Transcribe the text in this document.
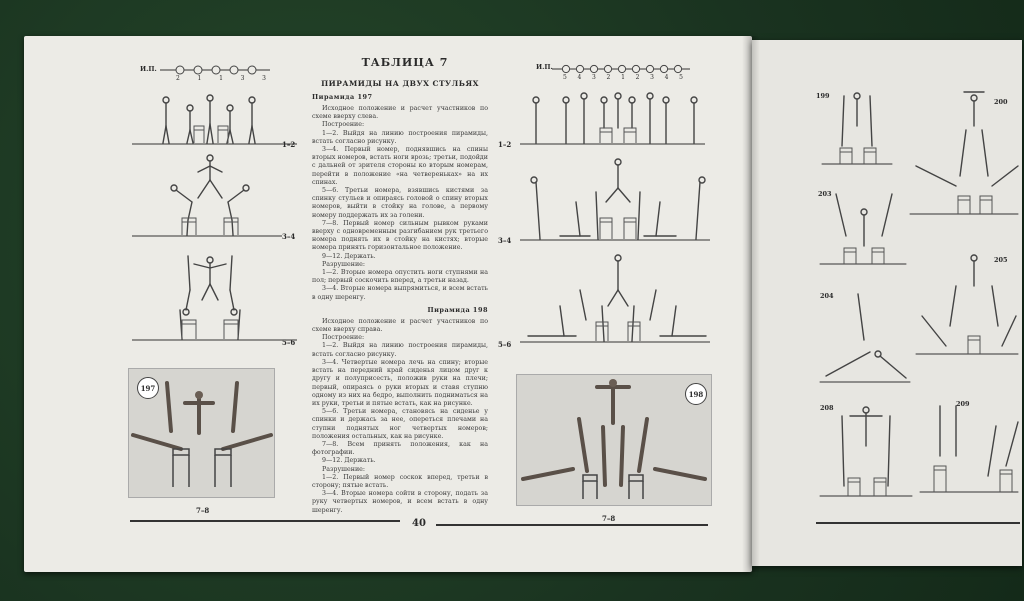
И.П.
2	1	1	3	3
1–2
3–4
5–6
197
7–8
ТАБЛИЦА 7
ПИРАМИДЫ НА ДВУХ СТУЛЬЯХ
Пирамида 197

Исходное положение и расчет участников по схеме вверху слева.

Построение:

1—2. Выйдя на линию построения пирамиды, встать согласно рисунку.

3—4. Первый номер, поднявшись на спины вторых номеров, встать ноги врозь; третьи, подойди с дальней от зрителя стороны ко вторым номерам, перейти в положение «на четвереньках» на их спинах.

5—6. Третьи номера, взявшись кистями за спинку стульев и опираясь головой о спину вторых номеров, выйти в стойку на голове, а первому номеру поддержать их за голени.

7—8. Первый номер сильным рывком руками вверху с одновременным разгибанием рук третьего номера поднять их в стойку на кистях; вторые номера принять горизонтальное положение.

9—12. Держать.

Разрушение:

1—2. Вторые номера опустить ноги ступнями на пол; первый соскочить вперед, а третьи назад.

3—4. Вторые номера выпрямиться, и всем встать в одну шеренгу.

Пирамида 198

Исходное положение и расчет участников по схеме вверху справа.

Построение:

1—2. Выйдя на линию построения пирамиды, встать согласно рисунку.

3—4. Четвертые номера лечь на спину; вторые встать на передний край сиденья лицом друг к другу и полуприсесть, положив руки на плечи; первый, опираясь о руки вторых и ставя ступню одному из них на бедро, выполнить подниматься на их руки, третьи и пятые встать, как на рисунке.

5—6. Третьи номера, становясь на сиденье у спинки и держась за нее, опереться плечами на ступни поднятых ног четвертых номеров; положения остальных, как на рисунке.

7—8. Всем принять положения, как на фотографии.

9—12. Держать.

Разрушение:

1—2. Первый номер соскок вперед, третьи в сторону; пятые встать.

3—4. Вторые номера сойти в сторону, подать за руку четвертых номеров, и всем встать в одну шеренгу.

И.П.
5 4 3 2 1 2 3 4 5
1–2
3–4
5–6
198
7–8
40
199
200
203
204
205
208	209
